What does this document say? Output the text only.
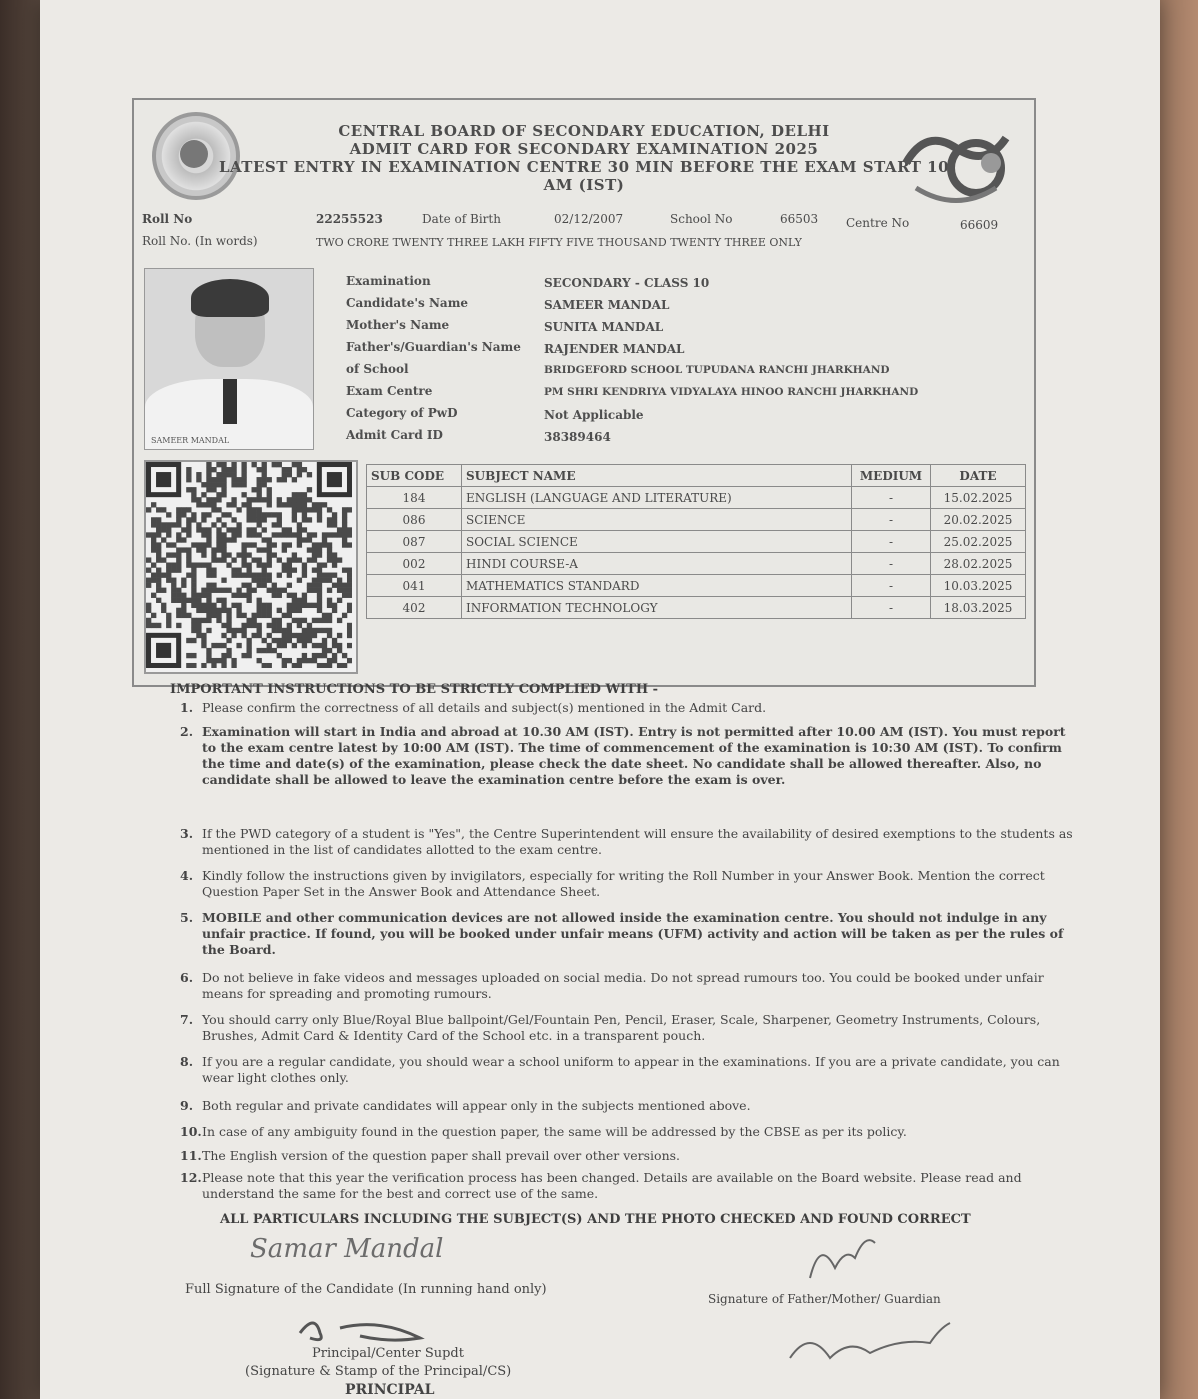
CENTRAL BOARD OF SECONDARY EDUCATION, DELHI
ADMIT CARD FOR SECONDARY EXAMINATION 2025
LATEST ENTRY IN EXAMINATION CENTRE 30 MIN BEFORE THE EXAM START 10
AM (IST)
Roll No	22255523	Date of Birth	02/12/2007	School No	66503 Centre No	66609
Roll No. (In words)	TWO CRORE TWENTY THREE LAKH FIFTY FIVE THOUSAND TWENTY THREE ONLY
SAMEER MANDAL
Examination	SECONDARY - CLASS 10
Candidate's Name	SAMEER MANDAL
Mother's Name	SUNITA MANDAL
Father's/Guardian's Name RAJENDER MANDAL
of School	BRIDGEFORD SCHOOL TUPUDANA RANCHI JHARKHAND
Exam Centre	PM SHRI KENDRIYA VIDYALAYA HINOO RANCHI JHARKHAND
Category of PwD	Not Applicable
Admit Card ID	38389464
SUB CODE	SUBJECT NAME	MEDIUM	DATE
184	ENGLISH (LANGUAGE AND LITERATURE)	-	15.02.2025
086	SCIENCE	-	20.02.2025
087	SOCIAL SCIENCE	-	25.02.2025
002	HINDI COURSE-A	-	28.02.2025
041	MATHEMATICS STANDARD	-	10.03.2025
402	INFORMATION TECHNOLOGY	-	18.03.2025
IMPORTANT INSTRUCTIONS TO BE STRICTLY COMPLIED WITH -
1. Please confirm the correctness of all details and subject(s) mentioned in the Admit Card.
2. Examination will start in India and abroad at 10.30 AM (IST). Entry is not permitted after 10.00 AM (IST). You must report to the exam centre latest by 10:00 AM (IST). The time of commencement of the examination is 10:30 AM (IST). To confirm the time and date(s) of the examination, please check the date sheet. No candidate shall be allowed thereafter. Also, no candidate shall be allowed to leave the examination centre before the exam is over.
3. If the PWD category of a student is "Yes", the Centre Superintendent will ensure the availability of desired exemptions to the students as mentioned in the list of candidates allotted to the exam centre.
4. Kindly follow the instructions given by invigilators, especially for writing the Roll Number in your Answer Book. Mention the correct Question Paper Set in the Answer Book and Attendance Sheet.
5. MOBILE and other communication devices are not allowed inside the examination centre. You should not indulge in any unfair practice. If found, you will be booked under unfair means (UFM) activity and action will be taken as per the rules of the Board.
6. Do not believe in fake videos and messages uploaded on social media. Do not spread rumours too. You could be booked under unfair means for spreading and promoting rumours.
7. You should carry only Blue/Royal Blue ballpoint/Gel/Fountain Pen, Pencil, Eraser, Scale, Sharpener, Geometry Instruments, Colours, Brushes, Admit Card & Identity Card of the School etc. in a transparent pouch.
8. If you are a regular candidate, you should wear a school uniform to appear in the examinations. If you are a private candidate, you can wear light clothes only.
9. Both regular and private candidates will appear only in the subjects mentioned above.
10. In case of any ambiguity found in the question paper, the same will be addressed by the CBSE as per its policy.
11. The English version of the question paper shall prevail over other versions.
12. Please note that this year the verification process has been changed. Details are available on the Board website. Please read and understand the same for the best and correct use of the same.
ALL PARTICULARS INCLUDING THE SUBJECT(S) AND THE PHOTO CHECKED AND FOUND CORRECT
Samar Mandal
Full Signature of the Candidate (In running hand only)
Signature of Father/Mother/ Guardian
Principal/Center Supdt
(Signature & Stamp of the Principal/CS)
PRINCIPAL
